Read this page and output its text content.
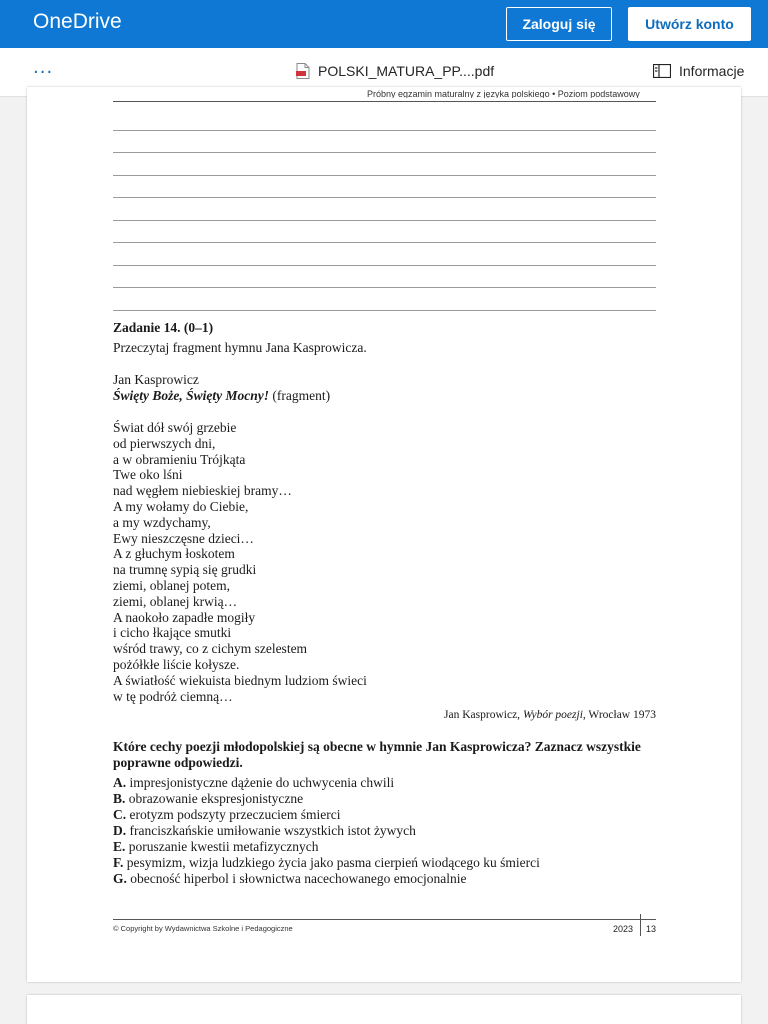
OneDrive	Zaloguj się	Utwórz konto
···	POLSKI_MATURA_PP....pdf	Informacje
Próbny egzamin maturalny z języka polskiego • Poziom podstawowy
Zadanie 14. (0–1)
Przeczytaj fragment hymnu Jana Kasprowicza.
Jan Kasprowicz
Święty Boże, Święty Mocny! (fragment)
Świat dół swój grzebie
od pierwszych dni,
a w obramieniu Trójkąta
Twe oko lśni
nad węgłem niebieskiej bramy…
A my wołamy do Ciebie,
a my wzdychamy,
Ewy nieszczęsne dzieci…
A z głuchym łoskotem
na trumnę sypią się grudki
ziemi, oblanej potem,
ziemi, oblanej krwią…
A naokoło zapadłe mogiły
i cicho łkające smutki
wśród trawy, co z cichym szelestem
pożółkłe liście kołysze.
A światłość wiekuista biednym ludziom świeci
w tę podróż ciemną…
Jan Kasprowicz, Wybór poezji, Wrocław 1973
Które cechy poezji młodopolskiej są obecne w hymnie Jan Kasprowicza? Zaznacz wszystkie poprawne odpowiedzi.
A. impresjonistyczne dążenie do uchwycenia chwili
B. obrazowanie ekspresjonistyczne
C. erotyzm podszyty przeczuciem śmierci
D. franciszkańskie umiłowanie wszystkich istot żywych
E. poruszanie kwestii metafizycznych
F. pesymizm, wizja ludzkiego życia jako pasma cierpień wiodącego ku śmierci
G. obecność hiperbol i słownictwa nacechowanego emocjonalnie
© Copyright by Wydawnictwa Szkolne i Pedagogiczne	2023 13
